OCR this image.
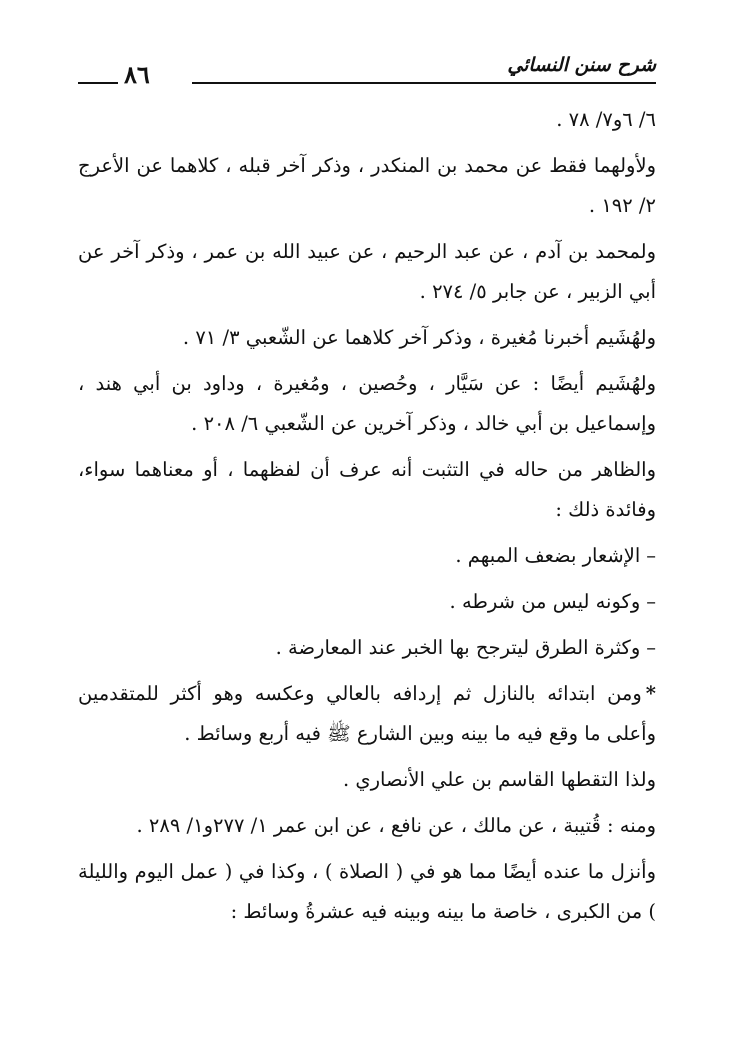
شرح سنن النسائي
٨٦

٦/ ٦و٧/ ٧٨ .

ولأولهما فقط عن محمد بن المنكدر ، وذكر آخر قبله ، كلاهما عن الأعرج ٢/ ١٩٢ .

ولمحمد بن آدم ، عن عبد الرحيم ، عن عبيد الله بن عمر ، وذكر آخر عن أبي الزبير ، عن جابر ٥/ ٢٧٤ .

ولهُشَيم أخبرنا مُغيرة ، وذكر آخر كلاهما عن الشّعبي ٣/ ٧١ .

ولهُشَيم أيضًا : عن سَيَّار ، وحُصين ، ومُغيرة ، وداود بن أبي هند ، وإسماعيل بن أبي خالد ، وذكر آخرين عن الشّعبي ٦/ ٢٠٨ .

والظاهر من حاله في التثبت أنه عرف أن لفظهما ، أو معناهما سواء، وفائدة ذلك :

–الإشعار بضعف المبهم .
–وكونه ليس من شرطه .
–وكثرة الطرق ليترجح بها الخبر عند المعارضة .

*ومن ابتدائه بالنازل ثم إردافه بالعالي وعكسه وهو أكثر للمتقدمين وأعلى ما وقع فيه ما بينه وبين الشارع ﷺ فيه أربع وسائط .

ولذا التقطها القاسم بن علي الأنصاري .

ومنه : قُتيبة ، عن مالك ، عن نافع ، عن ابن عمر ١/ ٢٧٧و١/ ٢٨٩ .

وأنزل ما عنده أيضًا مما هو في ( الصلاة ) ، وكذا في ( عمل اليوم والليلة ) من الكبرى ، خاصة ما بينه وبينه فيه عشرةُ وسائط :
